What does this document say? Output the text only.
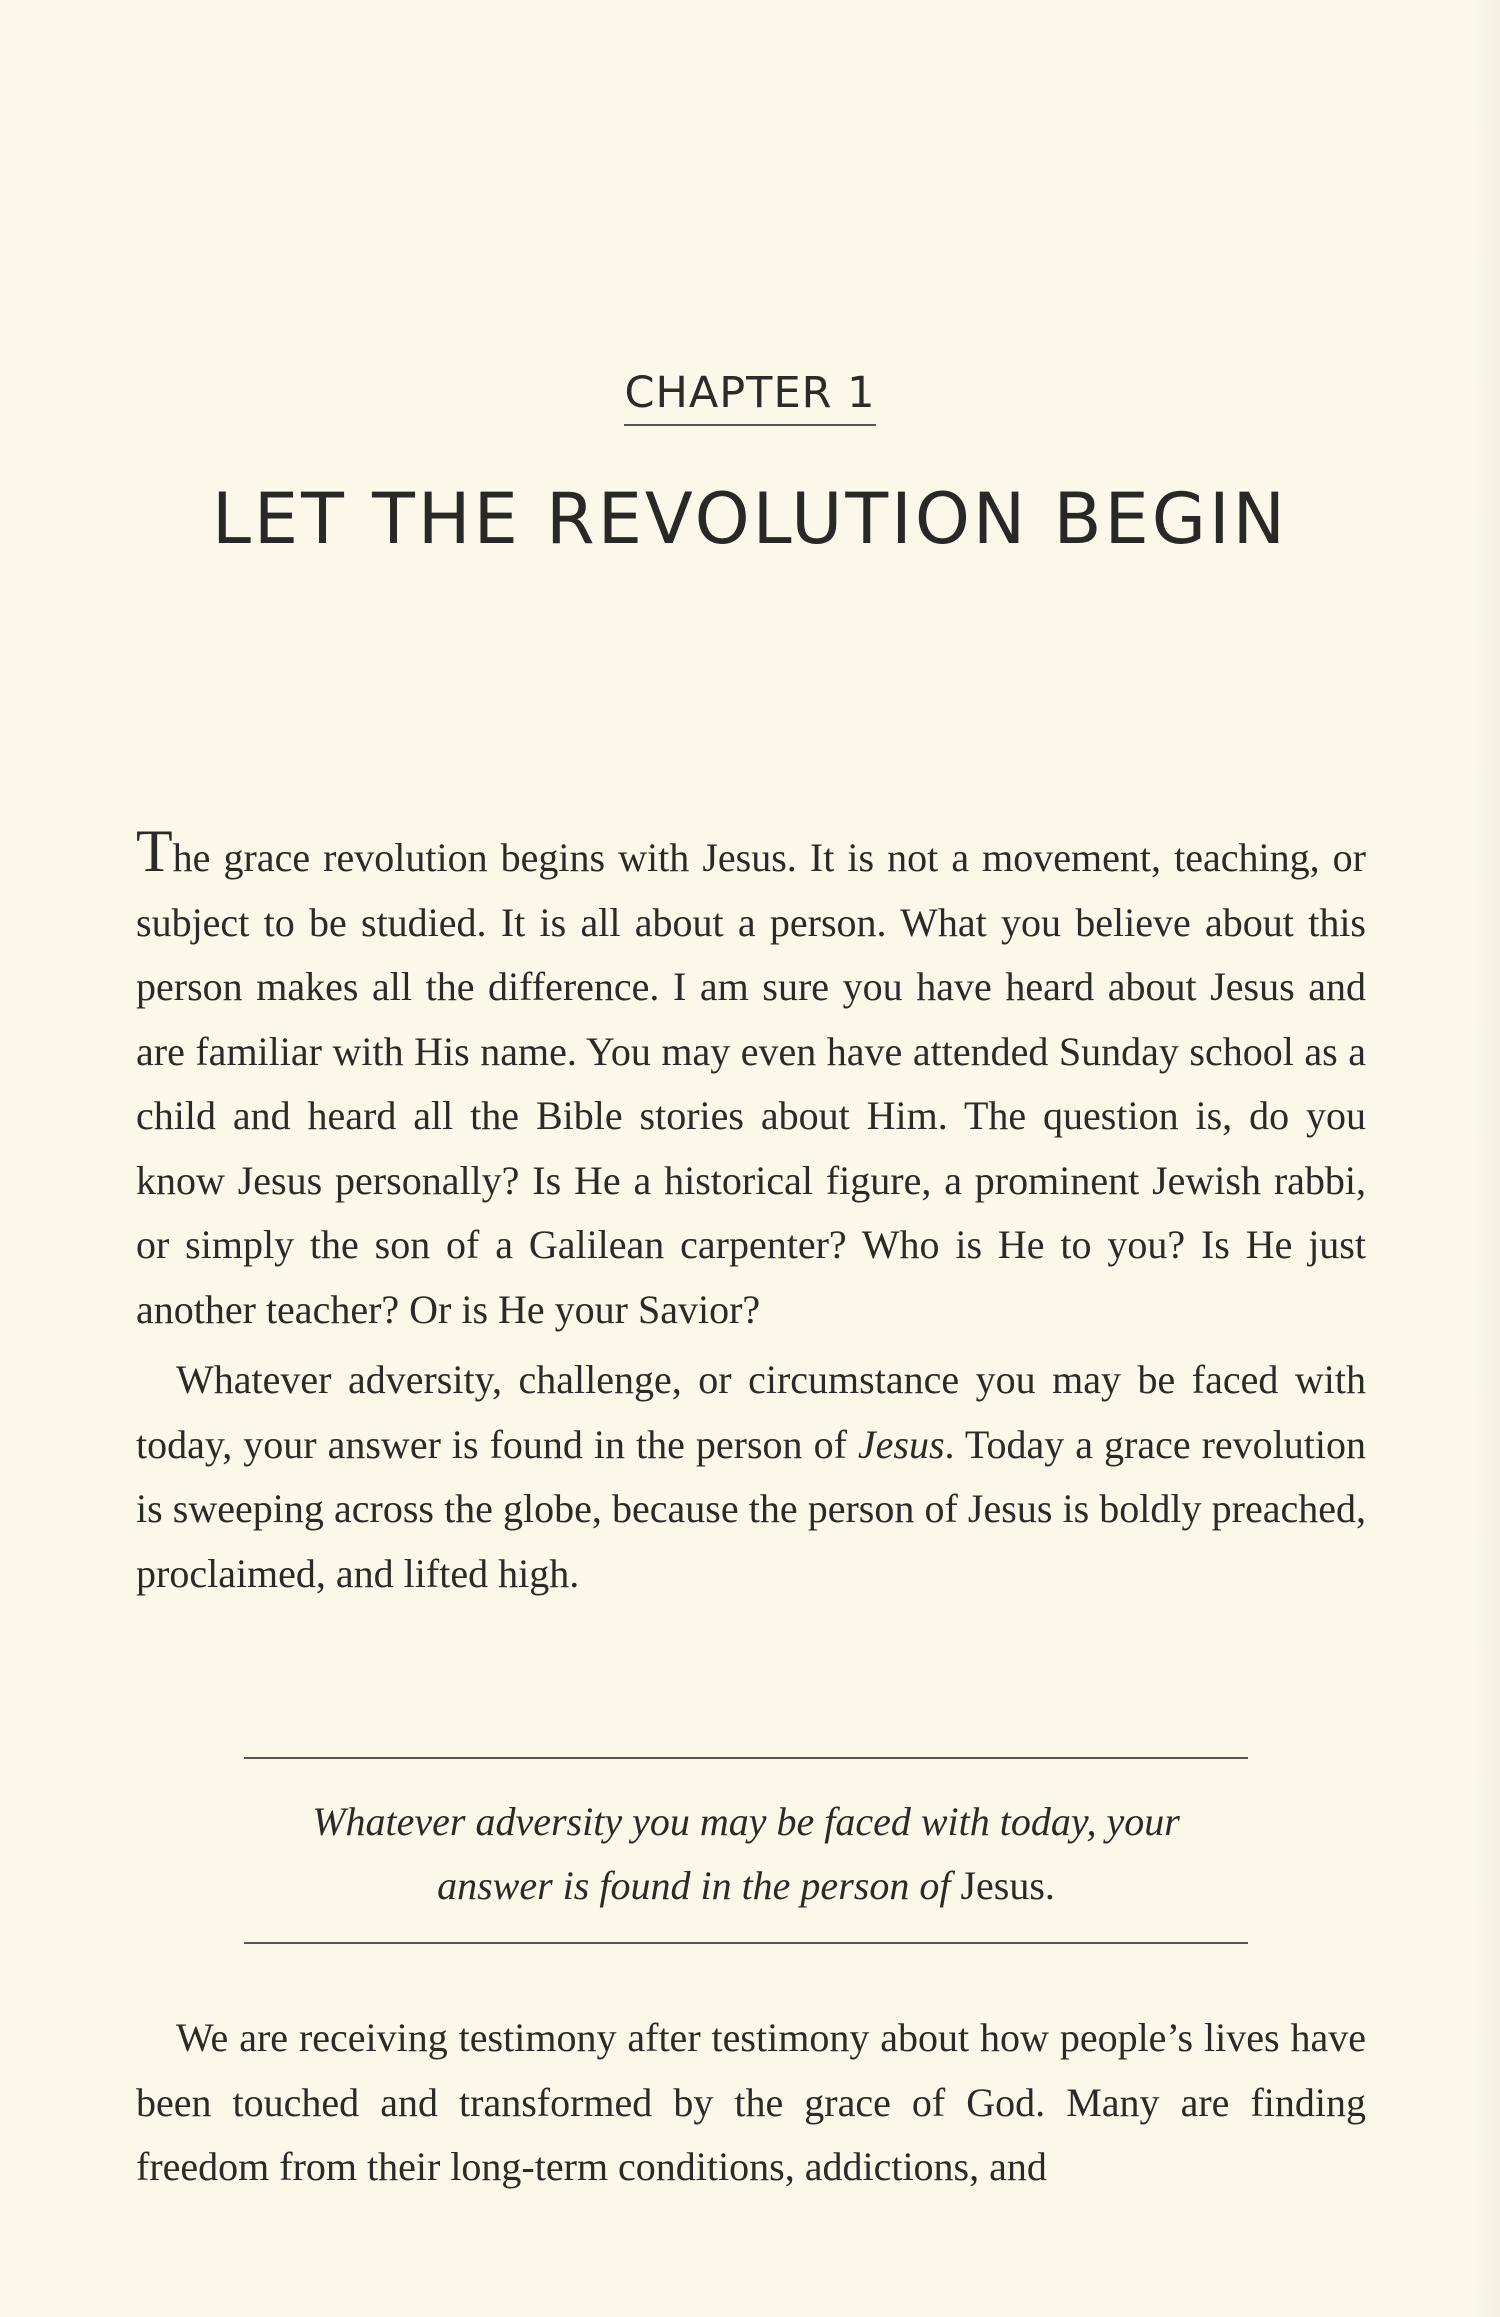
CHAPTER 1
LET THE REVOLUTION BEGIN

The grace revolution begins with Jesus. It is not a movement, teaching, or subject to be studied. It is all about a person. What you believe about this person makes all the difference. I am sure you have heard about Jesus and are familiar with His name. You may even have attended Sunday school as a child and heard all the Bible stories about Him. The question is, do you know Jesus personally? Is He a historical figure, a prominent Jewish rabbi, or simply the son of a Galilean carpenter? Who is He to you? Is He just another teacher? Or is He your Savior?

Whatever adversity, challenge, or circumstance you may be faced with today, your answer is found in the person of Jesus. Today a grace revolution is sweeping across the globe, because the person of Jesus is boldly preached, proclaimed, and lifted high.

Whatever adversity you may be faced with today, your
answer is found in the person of Jesus.
We are receiving testimony after testimony about how people’s lives have been touched and transformed by the grace of God. Many are finding freedom from their long-term conditions, addictions, and
